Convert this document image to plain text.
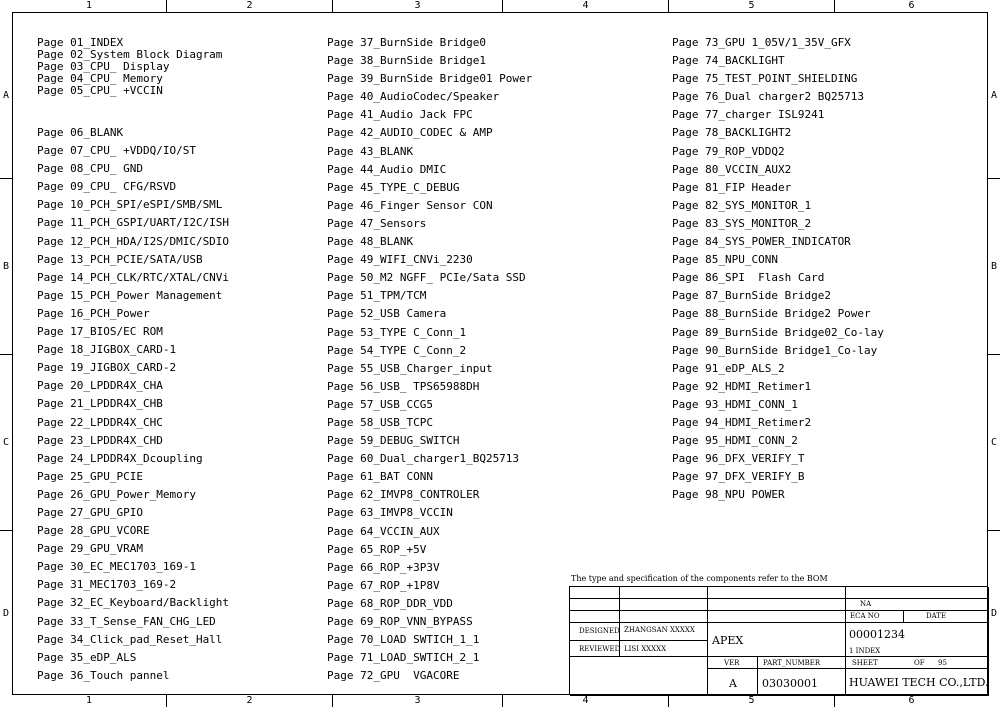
1	2	3	4	5	6
1	2	3	4	5	6
A
B
C
D
A
B
C
D
Page 01_INDEX
Page 02_System Block Diagram
Page 03_CPU_ Display
Page 04_CPU_ Memory
Page 05_CPU_ +VCCIN
Page 06_BLANK
Page 07_CPU_ +VDDQ/IO/ST
Page 08_CPU_ GND
Page 09_CPU_ CFG/RSVD
Page 10_PCH_SPI/eSPI/SMB/SML
Page 11_PCH_GSPI/UART/I2C/ISH
Page 12_PCH_HDA/I2S/DMIC/SDIO
Page 13_PCH_PCIE/SATA/USB
Page 14_PCH_CLK/RTC/XTAL/CNVi
Page 15_PCH_Power Management
Page 16_PCH_Power
Page 17_BIOS/EC ROM
Page 18_JIGBOX_CARD-1
Page 19_JIGBOX_CARD-2
Page 20_LPDDR4X_CHA
Page 21_LPDDR4X_CHB
Page 22_LPDDR4X_CHC
Page 23_LPDDR4X_CHD
Page 24_LPDDR4X_Dcoupling
Page 25_GPU_PCIE
Page 26_GPU_Power_Memory
Page 27_GPU_GPIO
Page 28_GPU_VCORE
Page 29_GPU_VRAM
Page 30_EC_MEC1703_169-1
Page 31_MEC1703_169-2
Page 32_EC_Keyboard/Backlight
Page 33_T_Sense_FAN_CHG_LED
Page 34_Click_pad_Reset_Hall
Page 35_eDP_ALS
Page 36_Touch pannel
Page 37_BurnSide Bridge0
Page 38_BurnSide Bridge1
Page 39_BurnSide Bridge01 Power
Page 40_AudioCodec/Speaker
Page 41_Audio Jack FPC
Page 42_AUDIO_CODEC & AMP
Page 43_BLANK
Page 44_Audio DMIC
Page 45_TYPE_C_DEBUG
Page 46_Finger Sensor CON
Page 47_Sensors
Page 48_BLANK
Page 49_WIFI_CNVi_2230
Page 50_M2 NGFF_ PCIe/Sata SSD
Page 51_TPM/TCM
Page 52_USB Camera
Page 53_TYPE C_Conn_1
Page 54_TYPE C_Conn_2
Page 55_USB_Charger_input
Page 56_USB_ TPS65988DH
Page 57_USB_CCG5
Page 58_USB_TCPC
Page 59_DEBUG_SWITCH
Page 60_Dual_charger1_BQ25713
Page 61_BAT CONN
Page 62_IMVP8_CONTROLER
Page 63_IMVP8_VCCIN
Page 64_VCCIN_AUX
Page 65_ROP_+5V
Page 66_ROP_+3P3V
Page 67_ROP_+1P8V
Page 68_ROP_DDR_VDD
Page 69_ROP_VNN_BYPASS
Page 70_LOAD SWTICH_1_1
Page 71_LOAD_SWTICH_2_1
Page 72_GPU  VGACORE
Page 73_GPU 1_05V/1_35V_GFX
Page 74_BACKLIGHT
Page 75_TEST_POINT_SHIELDING
Page 76_Dual charger2 BQ25713
Page 77_charger ISL9241
Page 78_BACKLIGHT2
Page 79_ROP_VDDQ2
Page 80_VCCIN_AUX2
Page 81_FIP Header
Page 82_SYS_MONITOR_1
Page 83_SYS_MONITOR_2
Page 84_SYS_POWER_INDICATOR
Page 85_NPU_CONN
Page 86_SPI  Flash Card
Page 87_BurnSide Bridge2
Page 88_BurnSide Bridge2 Power
Page 89_BurnSide Bridge02_Co-lay
Page 90_BurnSide Bridge1_Co-lay
Page 91_eDP_ALS_2
Page 92_HDMI_Retimer1
Page 93_HDMI_CONN_1
Page 94_HDMI_Retimer2
Page 95_HDMI_CONN_2
Page 96_DFX_VERIFY_T
Page 97_DFX_VERIFY_B
Page 98_NPU POWER
The type and specification of the components refer to the BOM
NA
ECA NO	DATE
DESIGNED ZHANGSAN XXXXX
REVIEWED LISI XXXXX
APEX	00001234
1 INDEX
VER	PART_NUMBER	SHEET	OF 95
A 03030001	HUAWEI TECH CO.,LTD.
